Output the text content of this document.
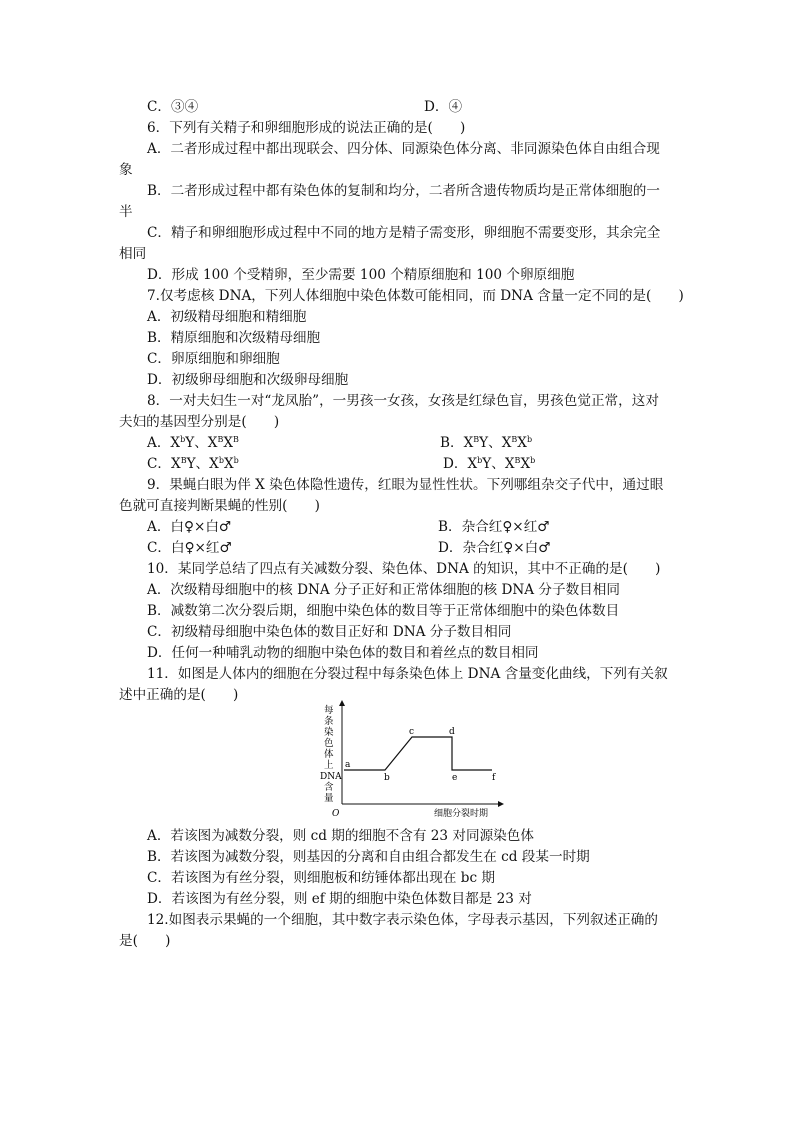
C．③④	D．④
6．下列有关精子和卵细胞形成的说法正确的是(　　)
A．二者形成过程中都出现联会、四分体、同源染色体分离、非同源染色体自由组合现
象
B．二者形成过程中都有染色体的复制和均分，二者所含遗传物质均是正常体细胞的一
半
C．精子和卵细胞形成过程中不同的地方是精子需变形，卵细胞不需要变形，其余完全
相同
D．形成 100 个受精卵，至少需要 100 个精原细胞和 100 个卵原细胞
7.仅考虑核 DNA，下列人体细胞中染色体数可能相同，而 DNA 含量一定不同的是(　　)
A．初级精母细胞和精细胞
B．精原细胞和次级精母细胞
C．卵原细胞和卵细胞
D．初级卵母细胞和次级卵母细胞
8．一对夫妇生一对“龙凤胎”，一男孩一女孩，女孩是红绿色盲，男孩色觉正常，这对
夫妇的基因型分别是(　　)
A．$X^bY$、$X^BX^B$	B．$X^BY$、$X^BX^b$
C．$X^BY$、$X^bX^b$	D．$X^bY$、$X^BX^b$
9．果蝇白眼为伴 X 染色体隐性遗传，红眼为显性性状。下列哪组杂交子代中，通过眼
色就可直接判断果蝇的性别(　　)
A．白♀×白♂	B．杂合红♀×红♂
C．白♀×红♂	D．杂合红♀×白♂
10．某同学总结了四点有关减数分裂、染色体、DNA 的知识，其中不正确的是(　　)
A．次级精母细胞中的核 DNA 分子正好和正常体细胞的核 DNA 分子数目相同
B．减数第二次分裂后期，细胞中染色体的数目等于正常体细胞中的染色体数目
C．初级精母细胞中染色体的数目正好和 DNA 分子数目相同
D．任何一种哺乳动物的细胞中染色体的数目和着丝点的数目相同
11．如图是人体内的细胞在分裂过程中每条染色体上 DNA 含量变化曲线，下列有关叙
述中正确的是(　　)
每
条
染
色
体
上
DNA
含
量
O	细胞分裂时期
a
b
c	d
e	f
A．若该图为减数分裂，则 cd 期的细胞不含有 23 对同源染色体
B．若该图为减数分裂，则基因的分离和自由组合都发生在 cd 段某一时期
C．若该图为有丝分裂，则细胞板和纺锤体都出现在 bc 期
D．若该图为有丝分裂，则 ef 期的细胞中染色体数目都是 23 对
12.如图表示果蝇的一个细胞，其中数字表示染色体，字母表示基因，下列叙述正确的
是(　　)
